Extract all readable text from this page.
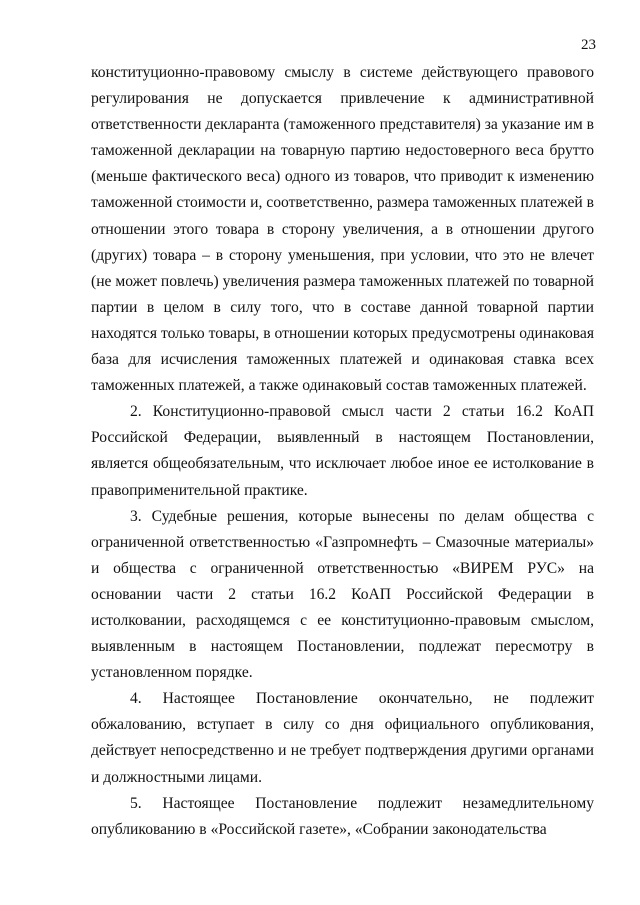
23

конституционно-правовому смыслу в системе действующего правового регулирования не допускается привлечение к административной ответственности декларанта (таможенного представителя) за указание им в таможенной декларации на товарную партию недостоверного веса брутто (меньше фактического веса) одного из товаров, что приводит к изменению таможенной стоимости и, соответственно, размера таможенных платежей в отношении этого товара в сторону увеличения, а в отношении другого (других) товара – в сторону уменьшения, при условии, что это не влечет (не может повлечь) увеличения размера таможенных платежей по товарной партии в целом в силу того, что в составе данной товарной партии находятся только товары, в отношении которых предусмотрены одинаковая база для исчисления таможенных платежей и одинаковая ставка всех таможенных платежей, а также одинаковый состав таможенных платежей.

2. Конституционно-правовой смысл части 2 статьи 16.2 КоАП Российской Федерации, выявленный в настоящем Постановлении, является общеобязательным, что исключает любое иное ее истолкование в правоприменительной практике.

3. Судебные решения, которые вынесены по делам общества с ограниченной ответственностью «Газпромнефть – Смазочные материалы» и общества с ограниченной ответственностью «ВИРЕМ РУС» на основании части 2 статьи 16.2 КоАП Российской Федерации в истолковании, расходящемся с ее конституционно-правовым смыслом, выявленным в настоящем Постановлении, подлежат пересмотру в установленном порядке.

4. Настоящее Постановление окончательно, не подлежит обжалованию, вступает в силу со дня официального опубликования, действует непосредственно и не требует подтверждения другими органами и должностными лицами.

5. Настоящее Постановление подлежит незамедлительному опубликованию в «Российской газете», «Собрании законодательства
